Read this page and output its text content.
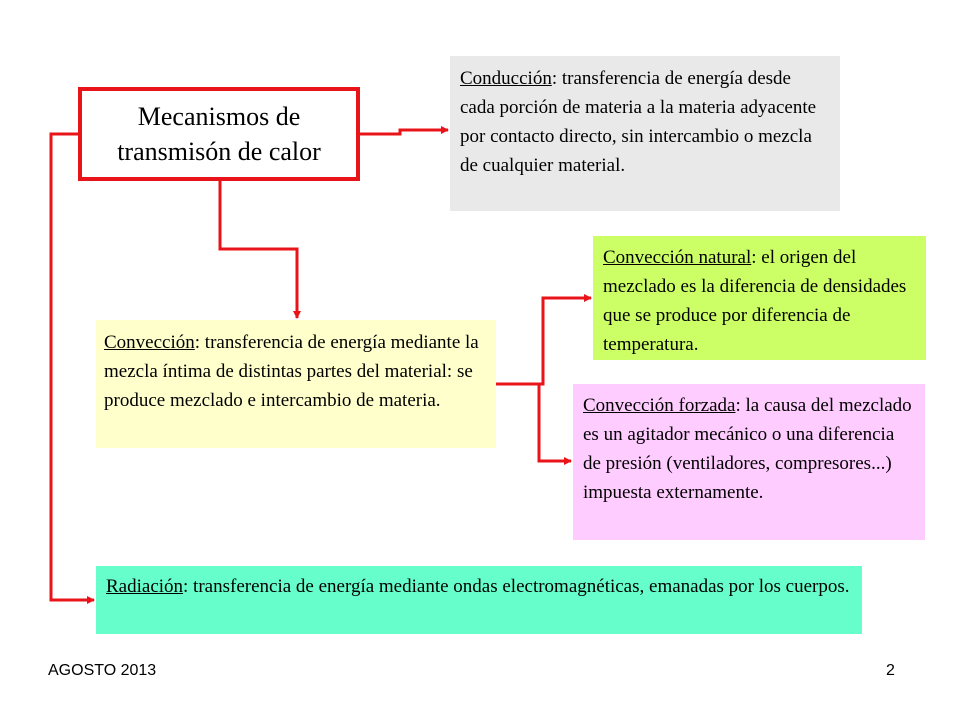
Mecanismos de
transmisón de calor
Conducción: transferencia de energía desde cada porción de materia a la materia adyacente por contacto directo, sin intercambio o mezcla de cualquier material.
Convección: transferencia de energía mediante la mezcla íntima de distintas partes del material: se produce mezclado e intercambio de materia.
Convección natural: el origen del mezclado es la diferencia de densidades que se produce por diferencia de temperatura.
Convección forzada: la causa del mezclado es un agitador mecánico o una diferencia de presión (ventiladores, compresores...) impuesta externamente.
Radiación: transferencia de energía mediante ondas electromagnéticas, emanadas por los cuerpos.
AGOSTO 2013	2
